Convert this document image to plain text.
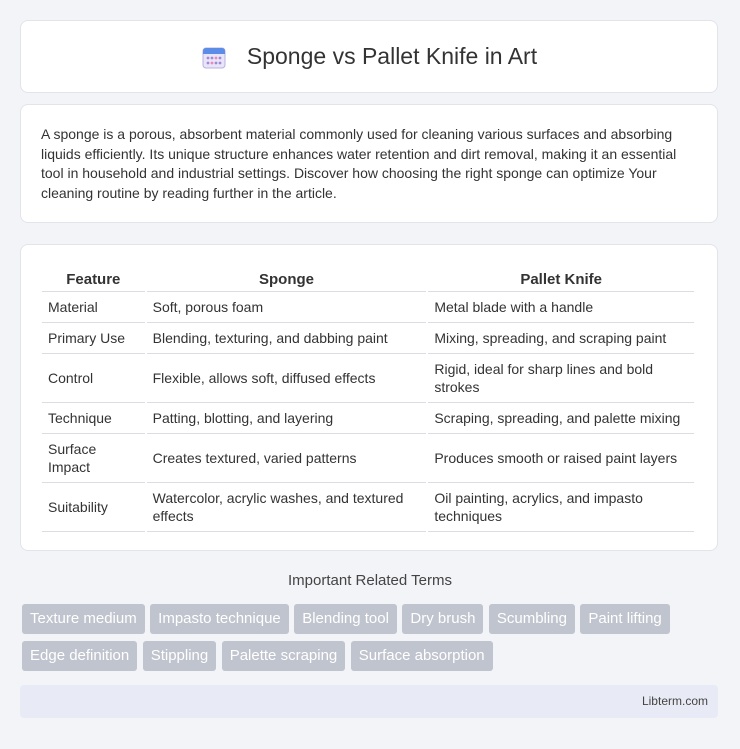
Sponge vs Pallet Knife in Art

A sponge is a porous, absorbent material commonly used for cleaning various surfaces and absorbing liquids efficiently. Its unique structure enhances water retention and dirt removal, making it an essential tool in household and industrial settings. Discover how choosing the right sponge can optimize Your cleaning routine by reading further in the article.

Feature	Sponge	Pallet Knife
Material	Soft, porous foam	Metal blade with a handle
Primary Use	Blending, texturing, and dabbing paint	Mixing, spreading, and scraping paint
Control	Flexible, allows soft, diffused effects	Rigid, ideal for sharp lines and bold strokes
Technique	Patting, blotting, and layering	Scraping, spreading, and palette mixing
Surface Impact	Creates textured, varied patterns	Produces smooth or raised paint layers
Suitability	Watercolor, acrylic washes, and textured effects	Oil painting, acrylics, and impasto techniques
Important Related Terms
Texture medium Impasto technique Blending tool Dry brush Scumbling Paint lifting Edge definition Stippling Palette scraping Surface absorption
Libterm.com
